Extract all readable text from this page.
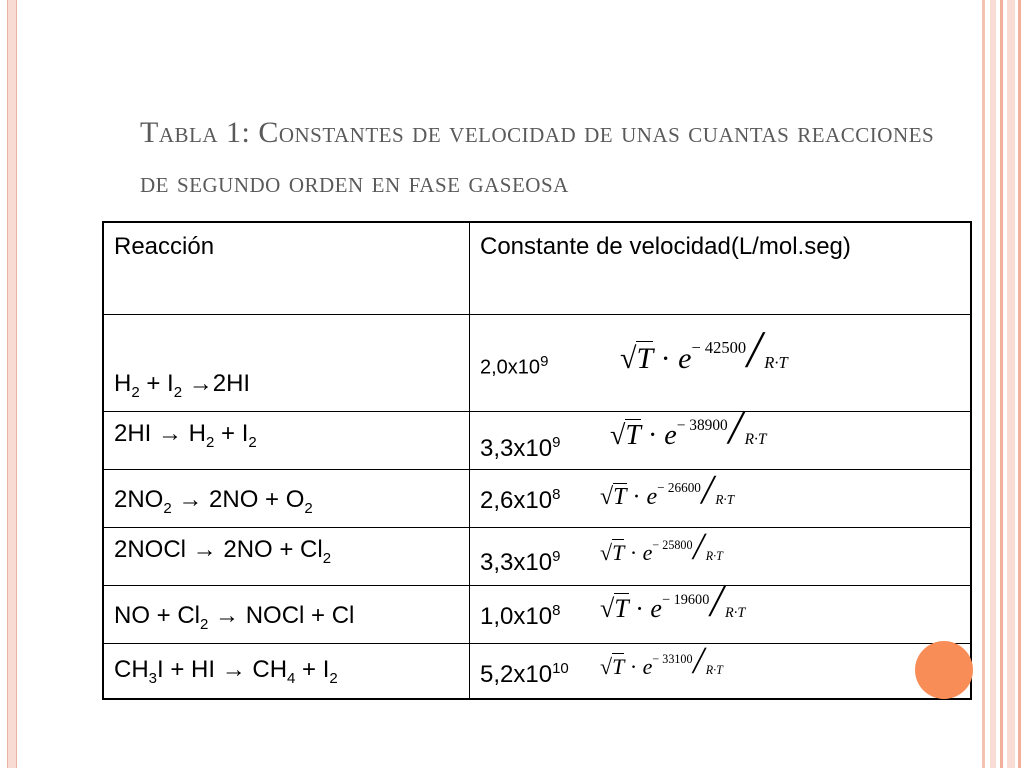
Tabla 1: Constantes de velocidad de unas cuantas reacciones de segundo orden en fase gaseosa
Reacción	Constante de velocidad(L/mol.seg)
$H_2 + I_2 \to 2HI$	$2,0x10^9$ $√T \cdot e^{- 42500}╱R\cdot T$

$2HI \to H_2 + I_2$	$3,3x10^9$ $√T \cdot e^{- 38900}╱R\cdot T$

$2NO_2 \to 2NO + O_2$	$2,6x10^8$ $√T \cdot e^{- 26600}╱R\cdot T$

2NOCl → $2NO + Cl_2$	$3,3x10^9$ $√T \cdot e^{- 25800}╱R\cdot T$

NO + $Cl_2$ → NOCl + Cl	$1,0x10^8$ $√T \cdot e^{- 19600}╱R\cdot T$

$CH_3I$ + HI → $CH_4 + I_2$	$5,2x10^{10}$ $√T \cdot e^{- 33100}╱R\cdot T$
